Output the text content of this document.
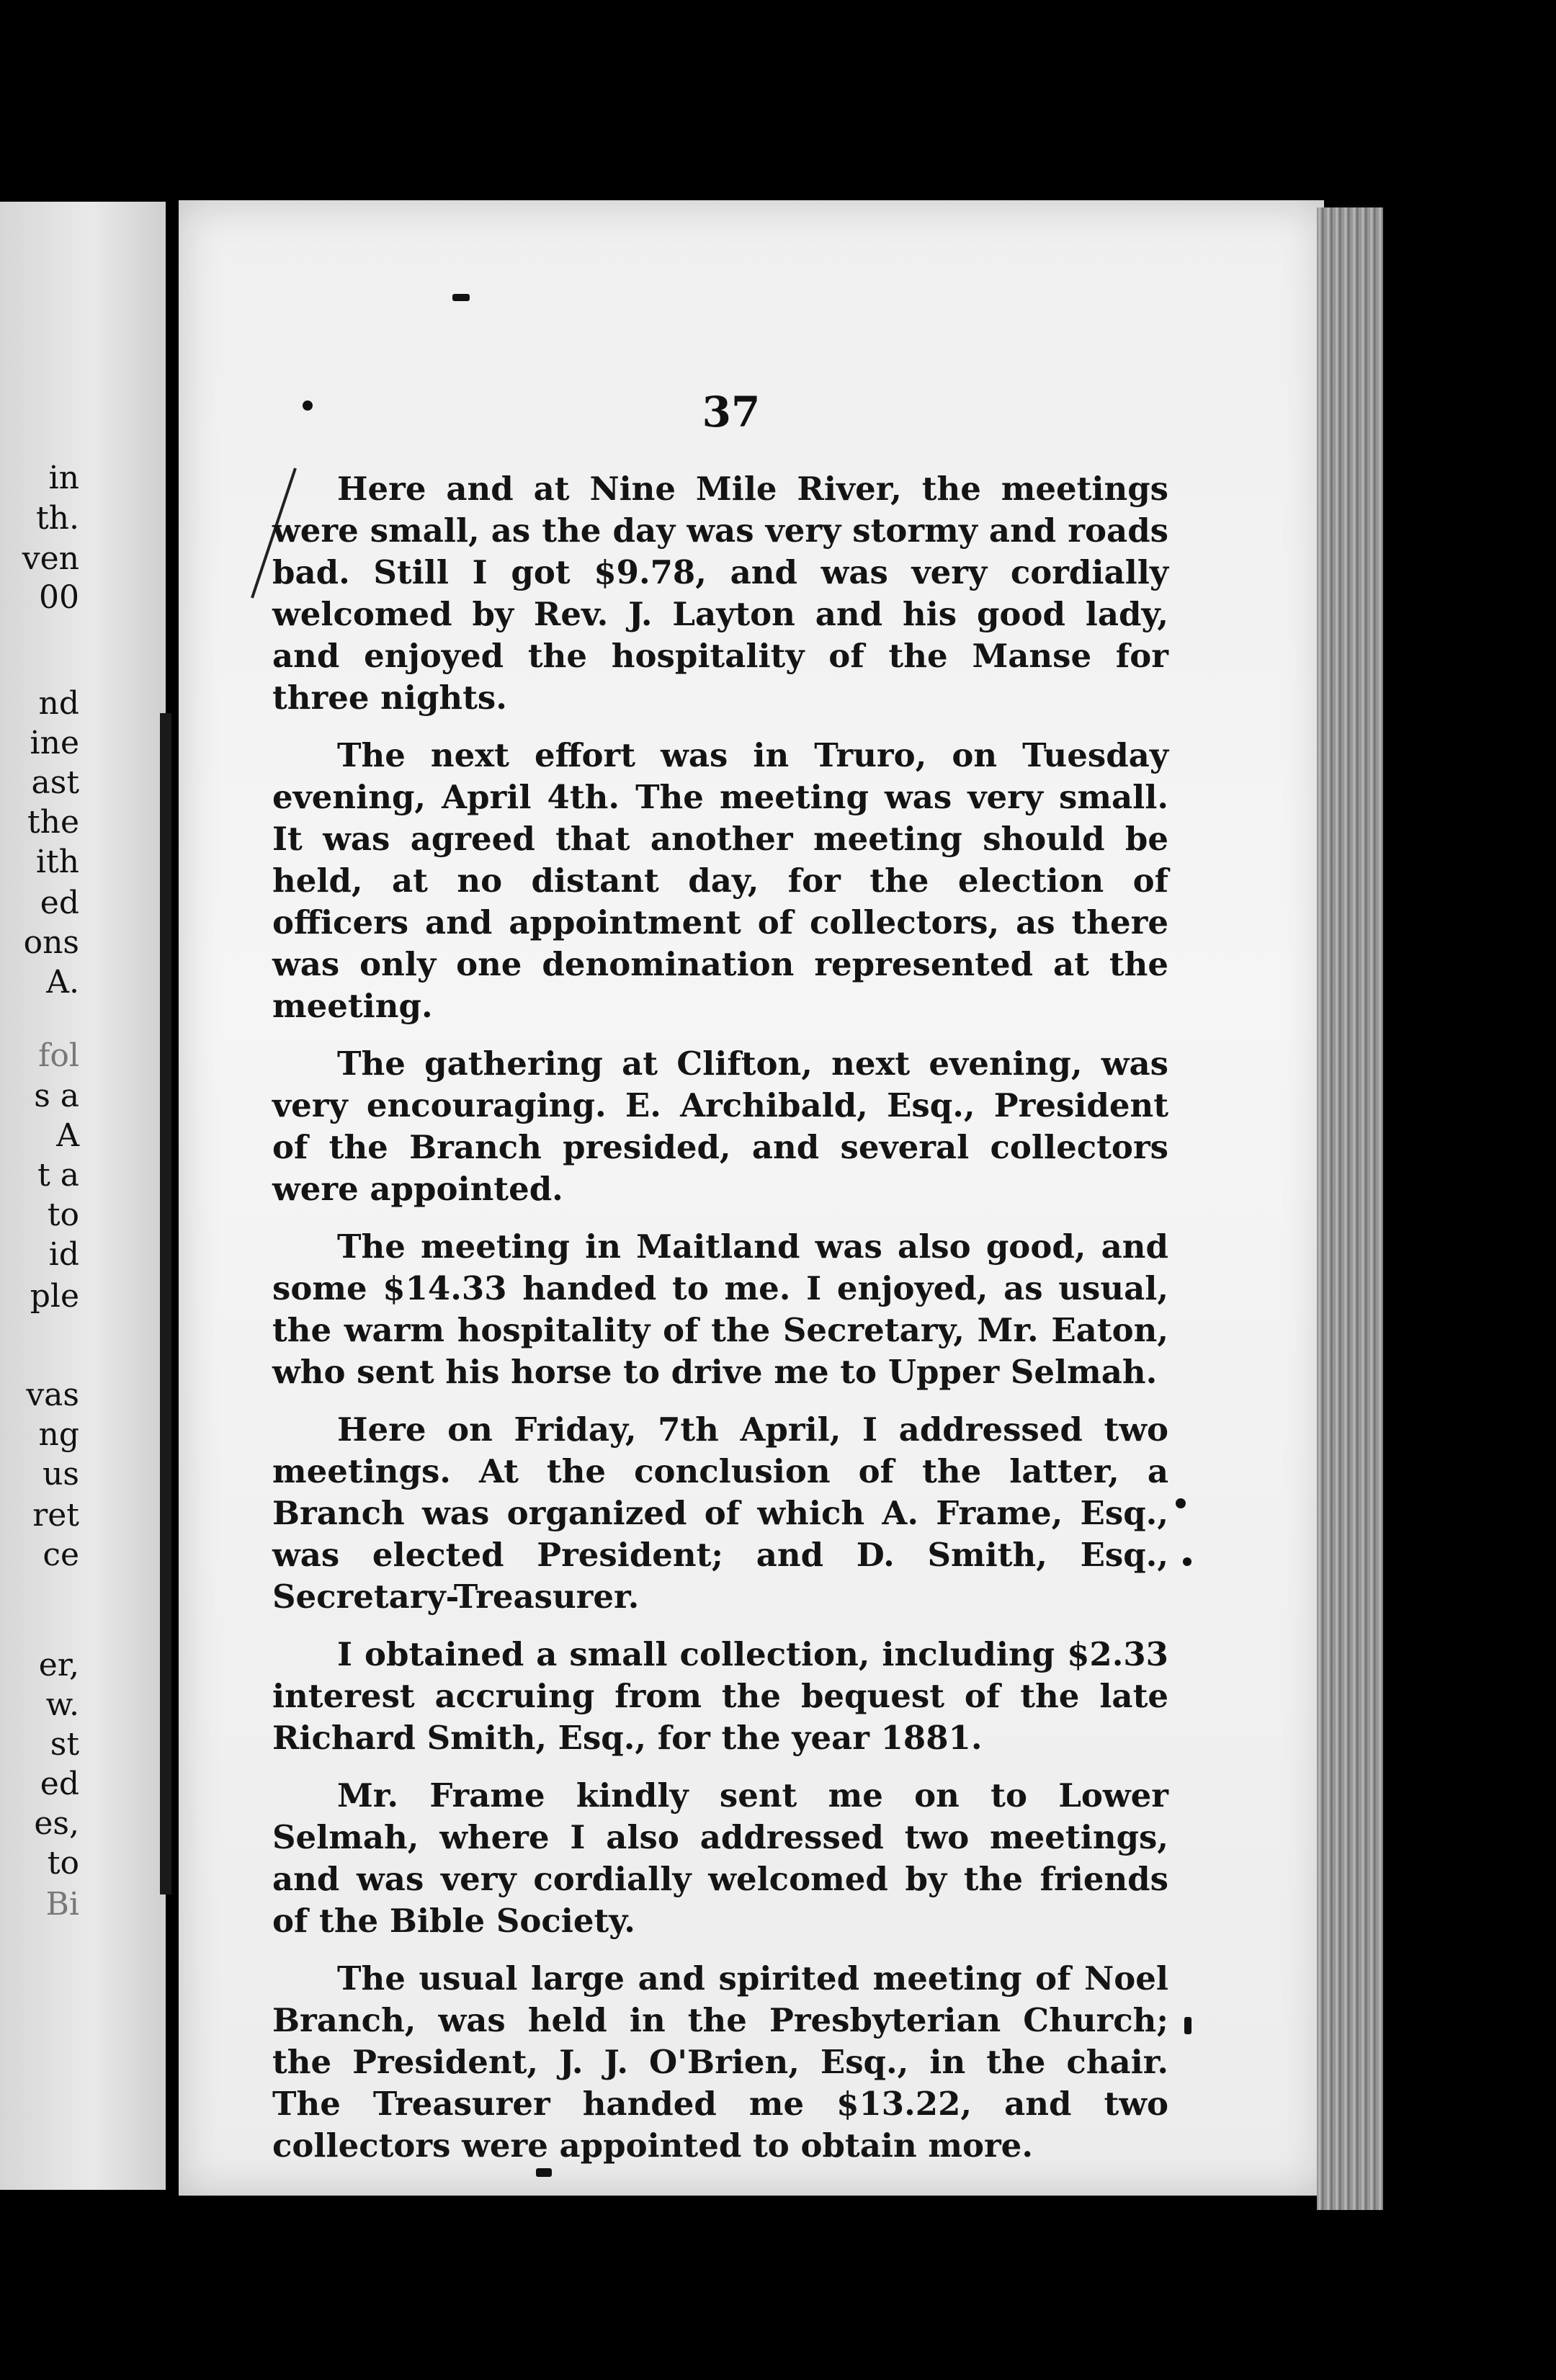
in
th.
ven
00
nd
ine
ast
the
ith
ed
ons
A.
fol
s a
A
t a
to
id
ple
vas
ng
us
ret
ce
er,
w.
st
ed
es,
to
Bi
37

Here and at Nine Mile River, the meetings were small, as the day was very stormy and roads bad. Still I got $9.78, and was very cordially welcomed by Rev. J. Layton and his good lady, and enjoyed the hospitality of the Manse for three nights.

The next effort was in Truro, on Tuesday evening, April 4th. The meeting was very small. It was agreed that another meeting should be held, at no distant day, for the election of officers and appointment of collectors, as there was only one denomination represented at the meeting.

The gathering at Clifton, next evening, was very encouraging. E. Archibald, Esq., President of the Branch presided, and several collectors were appointed.

The meeting in Maitland was also good, and some $14.33 handed to me. I enjoyed, as usual, the warm hospitality of the Secretary, Mr. Eaton, who sent his horse to drive me to Upper Selmah.

Here on Friday, 7th April, I addressed two meetings. At the conclusion of the latter, a Branch was organized of which A. Frame, Esq., was elected President; and D. Smith, Esq., Secretary-Treasurer.

I obtained a small collection, including $2.33 interest accruing from the bequest of the late Richard Smith, Esq., for the year 1881.

Mr. Frame kindly sent me on to Lower Selmah, where I also addressed two meetings, and was very cordially welcomed by the friends of the Bible Society.

The usual large and spirited meeting of Noel Branch, was held in the Presbyterian Church; the President, J. J. O'Brien, Esq., in the chair. The Treasurer handed me $13.22, and two collectors were appointed to obtain more.
